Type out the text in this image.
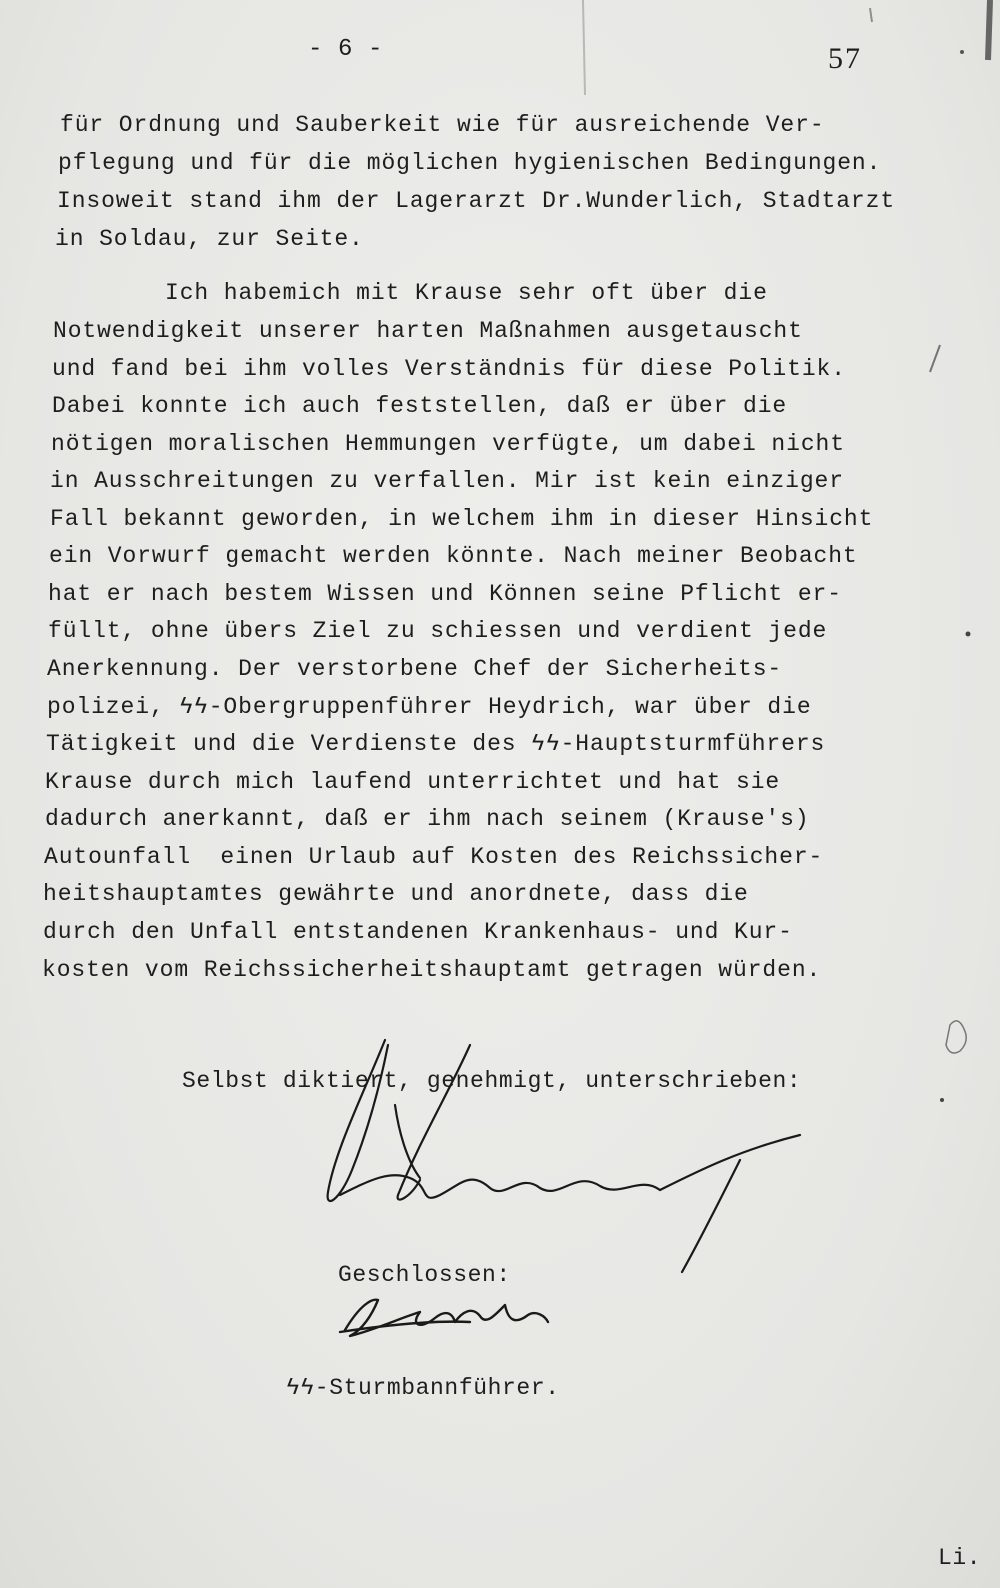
- 6 -	57
für Ordnung und Sauberkeit wie für ausreichende Ver-
pflegung und für die möglichen hygienischen Bedingungen.
Insoweit stand ihm der Lagerarzt Dr.Wunderlich, Stadtarzt
in Soldau, zur Seite.
Ich habemich mit Krause sehr oft über die
Notwendigkeit unserer harten Maßnahmen ausgetauscht
und fand bei ihm volles Verständnis für diese Politik.
Dabei konnte ich auch feststellen, daß er über die
nötigen moralischen Hemmungen verfügte, um dabei nicht
in Ausschreitungen zu verfallen. Mir ist kein einziger
Fall bekannt geworden, in welchem ihm in dieser Hinsicht
ein Vorwurf gemacht werden könnte. Nach meiner Beobacht
hat er nach bestem Wissen und Können seine Pflicht er-
füllt, ohne übers Ziel zu schiessen und verdient jede
Anerkennung. Der verstorbene Chef der Sicherheits-
polizei, ϟϟ-Obergruppenführer Heydrich, war über die
Tätigkeit und die Verdienste des ϟϟ-Hauptsturmführers
Krause durch mich laufend unterrichtet und hat sie
dadurch anerkannt, daß er ihm nach seinem (Krause's)
Autounfall  einen Urlaub auf Kosten des Reichssicher-
heitshauptamtes gewährte und anordnete, dass die
durch den Unfall entstandenen Krankenhaus- und Kur-
kosten vom Reichssicherheitshauptamt getragen würden.
Selbst diktiert, genehmigt, unterschrieben:
Geschlossen:
ϟϟ-Sturmbannführer.
Li.
